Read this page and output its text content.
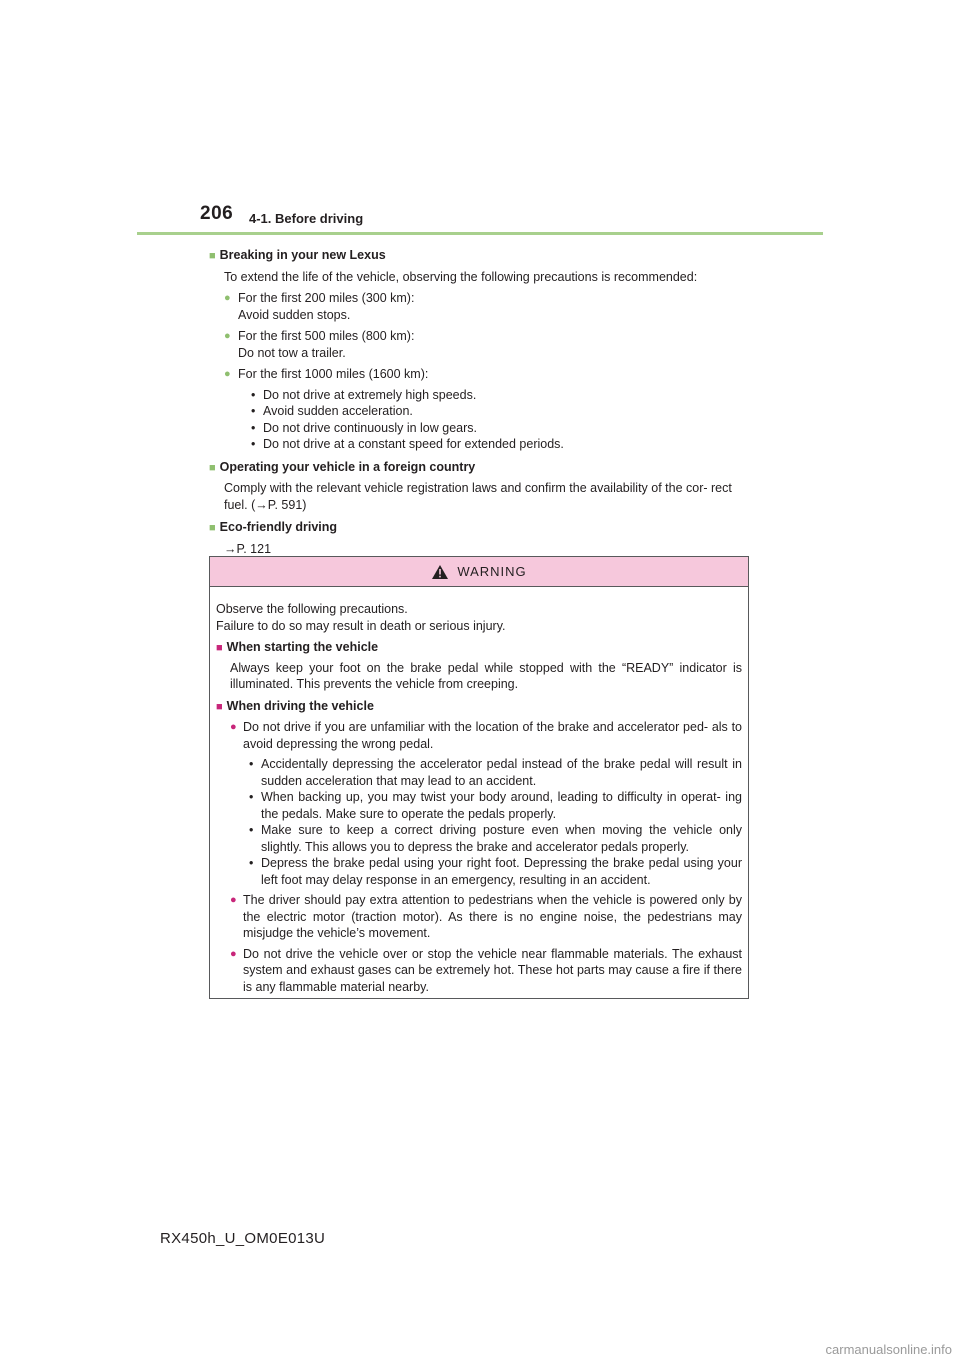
206 4-1. Before driving
■ Breaking in your new Lexus
To extend the life of the vehicle, observing the following precautions is recommended:
● For the first 200 miles (300 km):
Avoid sudden stops.
● For the first 500 miles (800 km):
Do not tow a trailer.
● For the first 1000 miles (1600 km):
• Do not drive at extremely high speeds.
• Avoid sudden acceleration.
• Do not drive continuously in low gears.
• Do not drive at a constant speed for extended periods.
■ Operating your vehicle in a foreign country
Comply with the relevant vehicle registration laws and confirm the availability of the cor- rect fuel. (→P. 591)
■ Eco-friendly driving
→P. 121
WARNING
Observe the following precautions.
Failure to do so may result in death or serious injury.
■ When starting the vehicle
Always keep your foot on the brake pedal while stopped with the “READY” indicator is illuminated. This prevents the vehicle from creeping.
■ When driving the vehicle
● Do not drive if you are unfamiliar with the location of the brake and accelerator ped- als to avoid depressing the wrong pedal.
• Accidentally depressing the accelerator pedal instead of the brake pedal will result in sudden acceleration that may lead to an accident.
• When backing up, you may twist your body around, leading to difficulty in operat- ing the pedals. Make sure to operate the pedals properly.
• Make sure to keep a correct driving posture even when moving the vehicle only slightly. This allows you to depress the brake and accelerator pedals properly.
• Depress the brake pedal using your right foot. Depressing the brake pedal using your left foot may delay response in an emergency, resulting in an accident.
● The driver should pay extra attention to pedestrians when the vehicle is powered only by the electric motor (traction motor). As there is no engine noise, the pedestrians may misjudge the vehicle’s movement.
● Do not drive the vehicle over or stop the vehicle near flammable materials. The exhaust system and exhaust gases can be extremely hot. These hot parts may cause a fire if there is any flammable material nearby.
RX450h_U_OM0E013U
carmanualsonline.info
